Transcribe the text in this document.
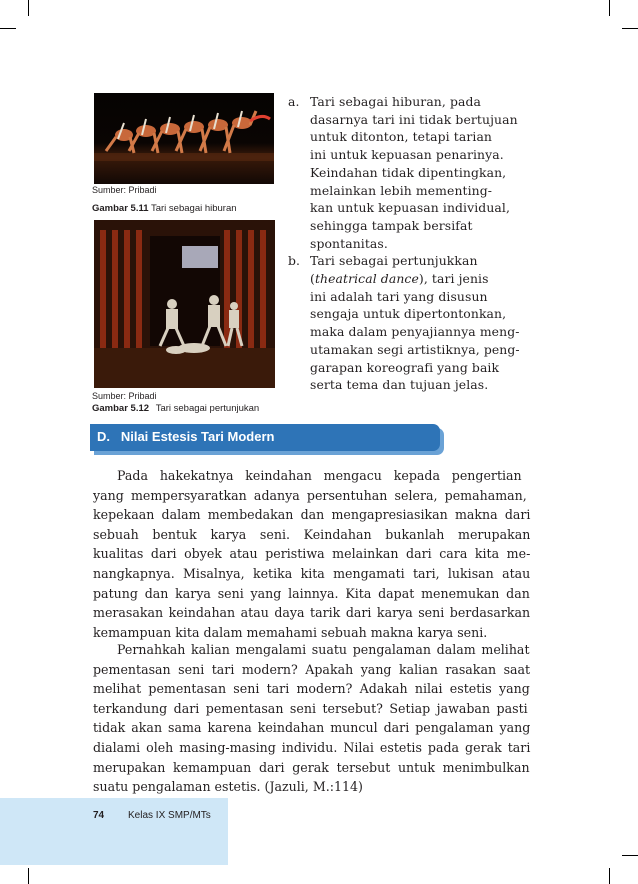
Sumber: Pribadi
Gambar 5.11 Tari sebagai hiburan
Sumber: Pribadi
Gambar 5.12 Tari sebagai pertunjukan
a. Tari sebagai hiburan, pada
dasarnya tari ini tidak bertujuan
untuk ditonton, tetapi tarian
ini untuk kepuasan penarinya.
Keindahan tidak dipentingkan,
melainkan lebih mementing-
kan untuk kepuasan individual,
sehingga tampak bersifat
spontanitas.
b. Tari sebagai pertunjukkan
(theatrical dance), tari jenis
ini adalah tari yang disusun
sengaja untuk dipertontonkan,
maka dalam penyajiannya meng-
utamakan segi artistiknya, peng-
garapan koreografi yang baik
serta tema dan tujuan jelas.
D.   Nilai Estesis Tari Modern
Pada hakekatnya keindahan mengacu kepada pengertian
yang mempersyaratkan adanya persentuhan selera, pemahaman,
kepekaan dalam membedakan dan mengapresiasikan makna dari
sebuah bentuk karya seni. Keindahan bukanlah merupakan
kualitas dari obyek atau peristiwa melainkan dari cara kita me-
nangkapnya. Misalnya, ketika kita mengamati tari, lukisan atau
patung dan karya seni yang lainnya. Kita dapat menemukan dan
merasakan keindahan atau daya tarik dari karya seni berdasarkan
kemampuan kita dalam memahami sebuah makna karya seni.
Pernahkah kalian mengalami suatu pengalaman dalam melihat
pementasan seni tari modern? Apakah yang kalian rasakan saat
melihat pementasan seni tari modern? Adakah nilai estetis yang
terkandung dari pementasan seni tersebut? Setiap jawaban pasti
tidak akan sama karena keindahan muncul dari pengalaman yang
dialami oleh masing-masing individu. Nilai estetis pada gerak tari
merupakan kemampuan dari gerak tersebut untuk menimbulkan
suatu pengalaman estetis. (Jazuli, M.:114)
74 Kelas IX SMP/MTs
